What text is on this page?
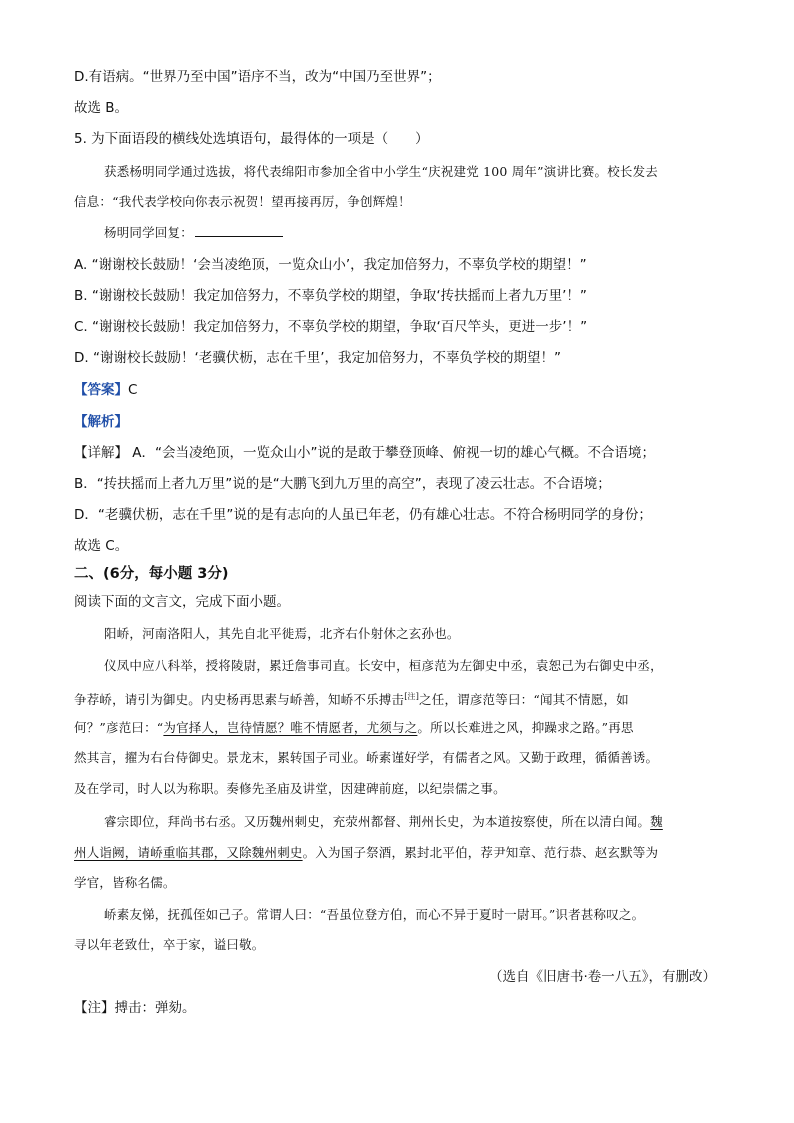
D.有语病。“世界乃至中国”语序不当，改为“中国乃至世界”；
故选 B。
5. 为下面语段的横线处选填语句，最得体的一项是（　　）
获悉杨明同学通过选拔，将代表绵阳市参加全省中小学生“庆祝建党 100 周年”演讲比赛。校长发去
信息：“我代表学校向你表示祝贺！望再接再厉，争创辉煌！
杨明同学回复：
A. “谢谢校长鼓励！‘会当凌绝顶，一览众山小’，我定加倍努力，不辜负学校的期望！”
B. “谢谢校长鼓励！我定加倍努力，不辜负学校的期望，争取‘抟扶摇而上者九万里’！”
C. “谢谢校长鼓励！我定加倍努力，不辜负学校的期望，争取‘百尺竿头，更进一步’！”
D. “谢谢校长鼓励！‘老骥伏枥，志在千里’，我定加倍努力，不辜负学校的期望！”
【答案】C
【解析】
【详解】 A．“会当凌绝顶，一览众山小”说的是敢于攀登顶峰、俯视一切的雄心气概。不合语境；
B．“抟扶摇而上者九万里”说的是“大鹏飞到九万里的高空”，表现了凌云壮志。不合语境；
D．“老骥伏枥，志在千里”说的是有志向的人虽已年老，仍有雄心壮志。不符合杨明同学的身份；
故选 C。
二、(6分，每小题 3分)
阅读下面的文言文，完成下面小题。
阳峤，河南洛阳人，其先自北平徙焉，北齐右仆射休之玄孙也。
仪凤中应八科举，授将陵尉，累迁詹事司直。长安中，桓彦范为左御史中丞，袁恕己为右御史中丞，
争荐峤，请引为御史。内史杨再思素与峤善，知峤不乐搏击[注]之任，谓彦范等曰：“闻其不情愿，如
何？”彦范曰：“为官择人，岂待情愿？唯不情愿者，尤须与之。所以长难进之风，抑躁求之路。”再思
然其言，擢为右台侍御史。景龙末，累转国子司业。峤素谨好学，有儒者之风。又勤于政理，循循善诱。
及在学司，时人以为称职。奏修先圣庙及讲堂，因建碑前庭，以纪崇儒之事。
睿宗即位，拜尚书右丞。又历魏州刺史，充荥州都督、荆州长史，为本道按察使，所在以清白闻。魏
州人诣阙，请峤重临其郡，又除魏州刺史。入为国子祭酒，累封北平伯，荐尹知章、范行恭、赵玄默等为
学官，皆称名儒。
峤素友悌，抚孤侄如己子。常谓人曰：“吾虽位登方伯，而心不异于夏时一尉耳。”识者甚称叹之。
寻以年老致仕，卒于家，谥曰敬。
（选自《旧唐书·卷一八五》，有删改）
【注】搏击：弹劾。
